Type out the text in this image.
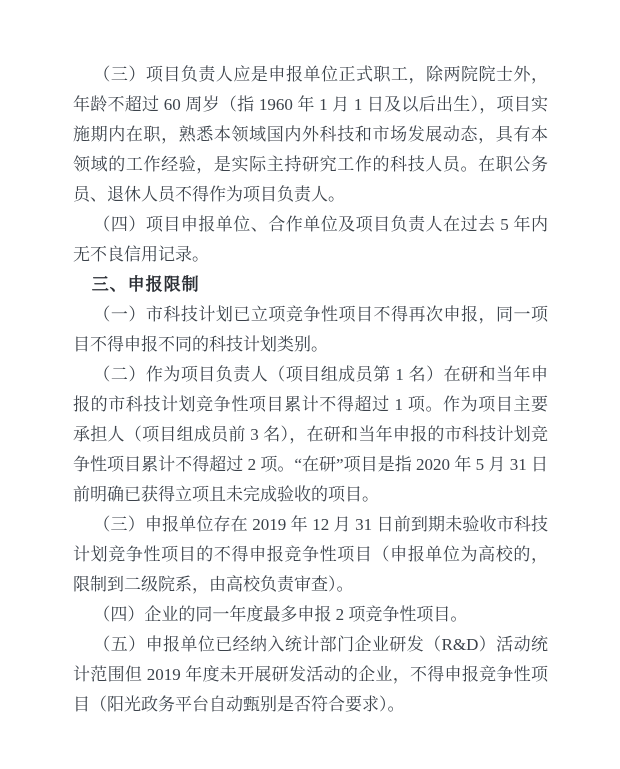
（三）项目负责人应是申报单位正式职工，除两院院士外，年龄不超过 60 周岁（指 1960 年 1 月 1 日及以后出生），项目实施期内在职，熟悉本领域国内外科技和市场发展动态，具有本领域的工作经验，是实际主持研究工作的科技人员。在职公务员、退休人员不得作为项目负责人。

（四）项目申报单位、合作单位及项目负责人在过去 5 年内无不良信用记录。

三、申报限制

（一）市科技计划已立项竞争性项目不得再次申报，同一项目不得申报不同的科技计划类别。

（二）作为项目负责人（项目组成员第 1 名）在研和当年申报的市科技计划竞争性项目累计不得超过 1 项。作为项目主要承担人（项目组成员前 3 名），在研和当年申报的市科技计划竞争性项目累计不得超过 2 项。“在研”项目是指 2020 年 5 月 31 日前明确已获得立项且未完成验收的项目。

（三）申报单位存在 2019 年 12 月 31 日前到期未验收市科技计划竞争性项目的不得申报竞争性项目（申报单位为高校的，限制到二级院系，由高校负责审查）。

（四）企业的同一年度最多申报 2 项竞争性项目。

（五）申报单位已经纳入统计部门企业研发（R&D）活动统计范围但 2019 年度未开展研发活动的企业，不得申报竞争性项目（阳光政务平台自动甄别是否符合要求）。
